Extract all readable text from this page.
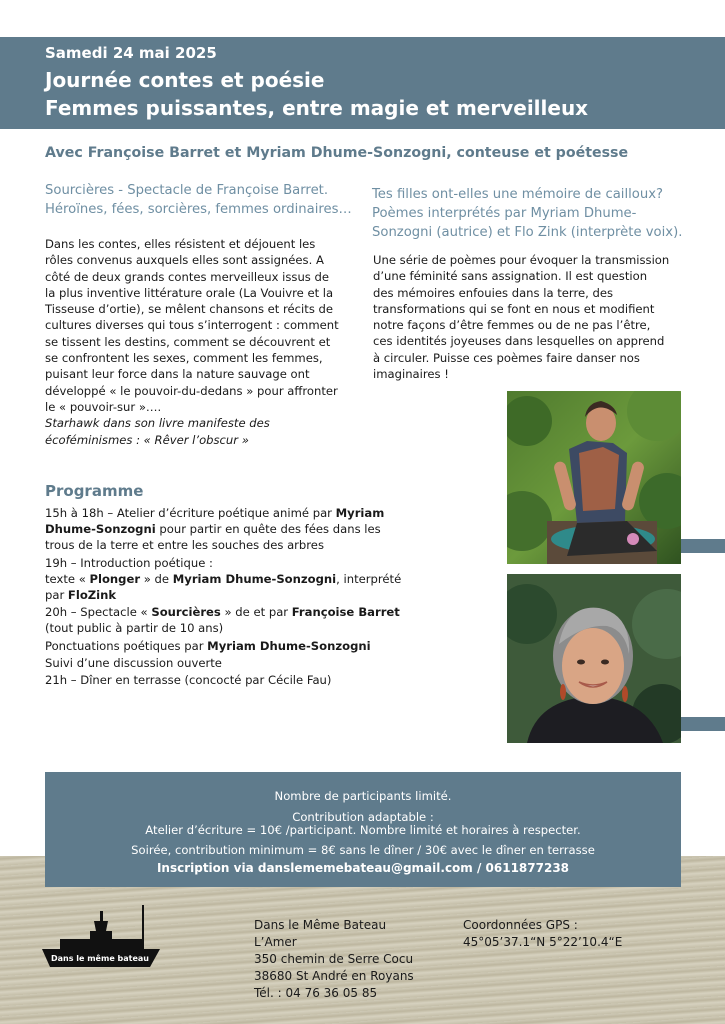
Samedi 24 mai 2025
Journée contes et poésie
Femmes puissantes, entre magie et merveilleux
Avec Françoise Barret et Myriam Dhume-Sonzogni, conteuse et poétesse
Sourcières - Spectacle de Françoise Barret.
Héroïnes, fées, sorcières, femmes ordinaires…
Dans les contes, elles résistent et déjouent les
rôles convenus auxquels elles sont assignées. A
côté de deux grands contes merveilleux issus de
la plus inventive littérature orale (La Vouivre et la
Tisseuse d’ortie), se mêlent chansons et récits de
cultures diverses qui tous s’interrogent : comment
se tissent les destins, comment se découvrent et
se confrontent les sexes, comment les femmes,
puisant leur force dans la nature sauvage ont
développé « le pouvoir-du-dedans » pour affronter
le « pouvoir-sur »….
Starhawk dans son livre manifeste des
écoféminismes : « Rêver l’obscur »
Tes filles ont-elles une mémoire de cailloux?
Poèmes interprétés par Myriam Dhume-
Sonzogni (autrice) et Flo Zink (interprète voix).
Une série de poèmes pour évoquer la transmission
d’une féminité sans assignation. Il est question
des mémoires enfouies dans la terre, des
transformations qui se font en nous et modifient
notre façons d’être femmes ou de ne pas l’être,
ces identités joyeuses dans lesquelles on apprend
à circuler. Puisse ces poèmes faire danser nos
imaginaires !
Programme

15h à 18h – Atelier d’écriture poétique animé par Myriam Dhume-Sonzogni pour partir en quête des fées dans les trous de la terre et entre les souches des arbres

19h – Introduction poétique :
texte « Plonger » de Myriam Dhume-Sonzogni, interprété par FloZink

20h – Spectacle « Sourcières » de et par Françoise Barret
(tout public à partir de 10 ans)

Ponctuations poétiques par Myriam Dhume-Sonzogni

Suivi d’une discussion ouverte

21h – Dîner en terrasse (concocté par Cécile Fau)

Nombre de participants limité.
Contribution adaptable :
Atelier d’écriture = 10€ /participant. Nombre limité et horaires à respecter.
Soirée, contribution minimum = 8€ sans le dîner / 30€ avec le dîner en terrasse
Inscription via danslememebateau@gmail.com / 0611877238
Dans le même bateau
Dans le Même Bateau
L’Amer
350 chemin de Serre Cocu
38680 St André en Royans
Tél. : 04 76 36 05 85
Coordonnées GPS :
45°05’37.1“N 5°22’10.4“E
